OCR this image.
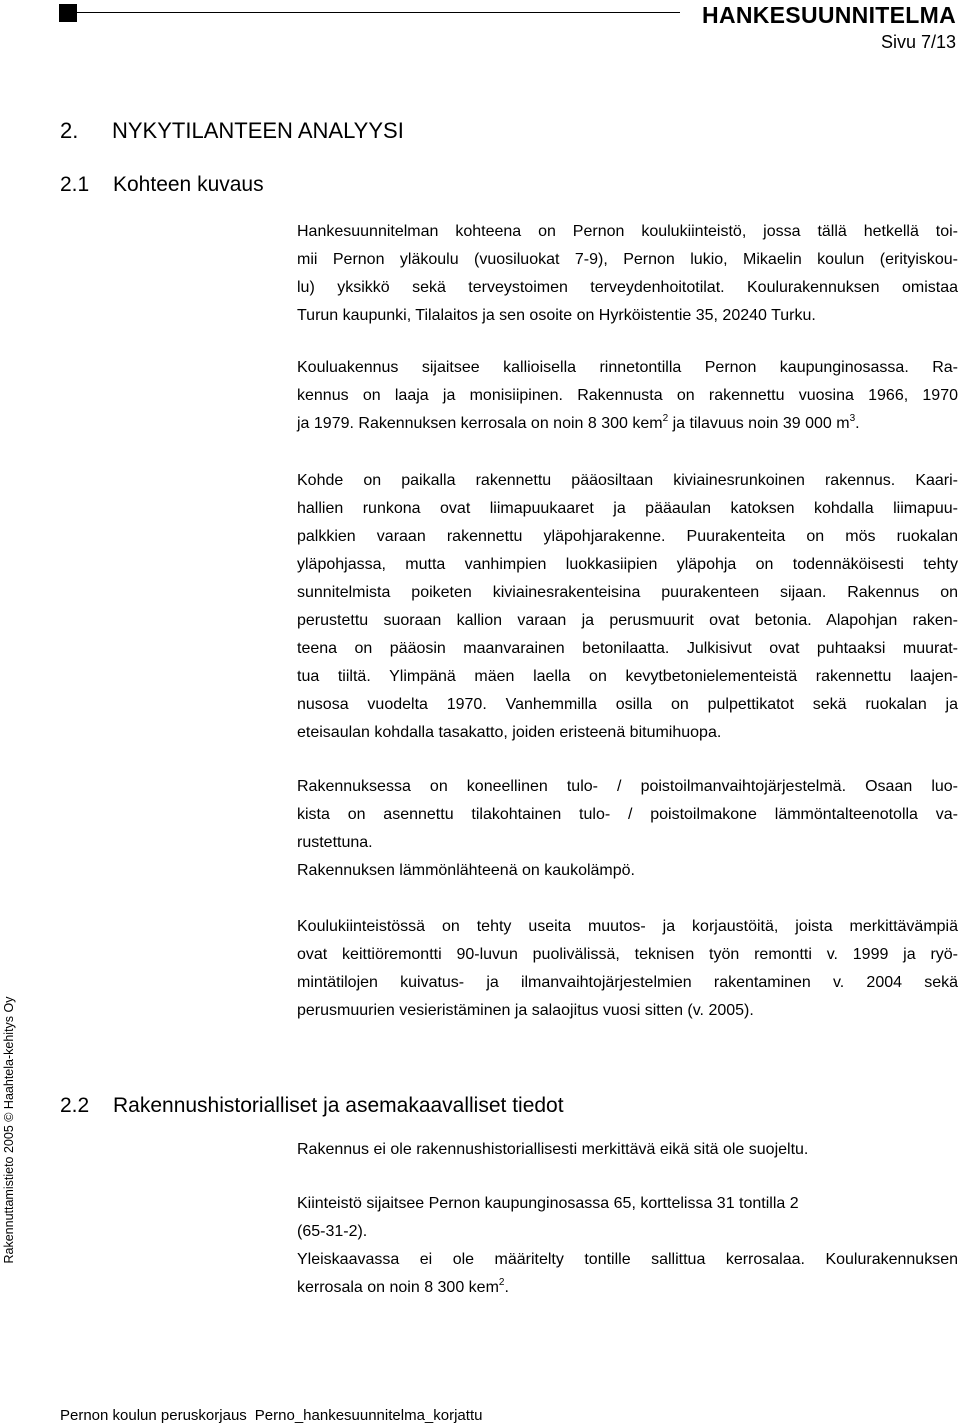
HANKESUUNNITELMA
Sivu 7/13
2. NYKYTILANTEEN ANALYYSI
2.1 Kohteen kuvaus
Hankesuunnitelman kohteena on Pernon koulukiinteistö, jossa tällä hetkellä toi-
mii Pernon yläkoulu (vuosiluokat 7-9), Pernon lukio, Mikaelin koulun (erityiskou-
lu) yksikkö sekä terveystoimen terveydenhoitotilat. Koulurakennuksen omistaa
Turun kaupunki, Tilalaitos ja sen osoite on Hyrköistentie 35, 20240 Turku.
Kouluakennus sijaitsee kallioisella rinnetontilla Pernon kaupunginosassa. Ra-
kennus on laaja ja monisiipinen. Rakennusta on rakennettu vuosina 1966, 1970
ja 1979. Rakennuksen kerrosala on noin 8 300 kem$^2$ ja tilavuus noin 39 000 $m^3$.
Kohde on paikalla rakennettu pääosiltaan kiviainesrunkoinen rakennus. Kaari-
hallien runkona ovat liimapuukaaret ja pääaulan katoksen kohdalla liimapuu-
palkkien varaan rakennettu yläpohjarakenne. Puurakenteita on mös ruokalan
yläpohjassa, mutta vanhimpien luokkasiipien yläpohja on todennäköisesti tehty
sunnitelmista poiketen kiviainesrakenteisina puurakenteen sijaan. Rakennus on
perustettu suoraan kallion varaan ja perusmuurit ovat betonia. Alapohjan raken-
teena on pääosin maanvarainen betonilaatta. Julkisivut ovat puhtaaksi muurat-
tua tiiltä. Ylimpänä mäen laella on kevytbetonielementeistä rakennettu laajen-
nusosa vuodelta 1970. Vanhemmilla osilla on pulpettikatot sekä ruokalan ja
eteisaulan kohdalla tasakatto, joiden eristeenä bitumihuopa.
Rakennuksessa on koneellinen tulo- / poistoilmanvaihtojärjestelmä. Osaan luo-
kista on asennettu tilakohtainen tulo- / poistoilmakone lämmöntalteenotolla va-
rustettuna.
Rakennuksen lämmönlähteenä on kaukolämpö.
Koulukiinteistössä on tehty useita muutos- ja korjaustöitä, joista merkittävämpiä
ovat keittiöremontti 90-luvun puolivälissä, teknisen työn remontti v. 1999 ja ryö-
mintätilojen kuivatus- ja ilmanvaihtojärjestelmien rakentaminen v. 2004 sekä
perusmuurien vesieristäminen ja salaojitus vuosi sitten (v. 2005).
2.2 Rakennushistorialliset ja asemakaavalliset tiedot
Rakennus ei ole rakennushistoriallisesti merkittävä eikä sitä ole suojeltu.
Kiinteistö sijaitsee Pernon kaupunginosassa 65, korttelissa 31 tontilla 2
(65-31-2).
Yleiskaavassa ei ole määritelty tontille sallittua kerrosalaa. Koulurakennuksen
kerrosala on noin 8 300 kem$^2$.
Rakennuttamistieto 2005 © Haahtela-kehitys Oy
Pernon koulun peruskorjaus Perno_hankesuunnitelma_korjattu
